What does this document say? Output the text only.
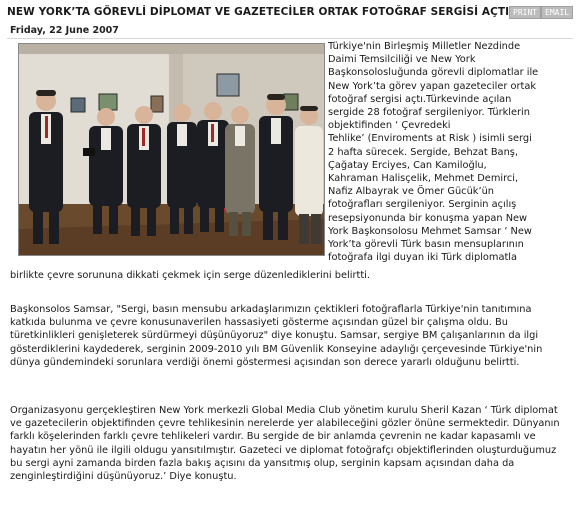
NEW YORK’TA GÖREVLİ DİPLOMAT VE GAZETECİLER ORTAK FOTOĞRAF SERGİSİ AÇTI PRINT EMAIL
Friday, 22 June 2007
Türkiye'nin Birleşmiş Milletler Nezdinde
Daimi Temsilciliği ve New York
Başkonsolosluğunda görevli diplomatlar ile
New York’ta görev yapan gazeteciler ortak
fotoğraf sergisi açtı.Türkevinde açılan
sergide 28 fotoğraf sergileniyor. Türklerin
objektifinden ‘ Çevredeki
Tehlike’ (Enviroments at Risk ) isimli sergi
2 hafta sürecek. Sergide, Behzat Banş,
Çağatay Erciyes, Can Kamiloğlu,
Kahraman Halisçelik, Mehmet Demirci,
Nafiz Albayrak ve Ömer Gücük’ün
fotoğrafları sergileniyor. Serginin açılış
resepsiyonunda bir konuşma yapan New
York Başkonsolosu Mehmet Samsar ‘ New
York’ta görevli Türk basın mensuplarının
fotoğrafa ilgi duyan iki Türk diplomatla
birlikte çevre sorununa dikkati çekmek için serge düzenlediklerini belirtti.
Başkonsolos Samsar, "Sergi, basın mensubu arkadaşlarımızın çektikleri fotoğraflarla Türkiye'nin tanıtımına katkıda bulunma ve çevre konusunaverilen hassasiyeti gösterme açısından güzel bir çalışma oldu. Bu türetkinlikleri genişleterek sürdürmeyi düşünüyoruz" diye konuştu. Samsar, sergiye BM çalışanlarının da ilgi gösterdiklerini kaydederek, serginin 2009-2010 yılı BM Güvenlik Konseyine adaylığı çerçevesinde Türkiye'nin dünya gündemindeki sorunlara verdiği önemi göstermesi açısından son derece yararlı olduğunu belirtti.
Organizasyonu gerçekleştiren New York merkezli Global Media Club yönetim kurulu Sheril Kazan ‘ Türk diplomat ve gazetecilerin objektifinden çevre tehlikesinin nerelerde yer alabileceğini gözler önüne sermektedir. Dünyanın farklı köşelerinden farklı çevre tehlikeleri vardır. Bu sergide de bir anlamda çevrenin ne kadar kapasamlı ve hayatın her yönü ile ilgili oldugu yansıtılmıştır. Gazeteci ve diplomat fotoğrafçı objektiflerinden oluşturduğumuz bu sergi ayni zamanda birden fazla bakış açısını da yansıtmış olup, serginin kapsam açısından daha da zenginleştirdiğini düşünüyoruz.’ Diye konuştu.
